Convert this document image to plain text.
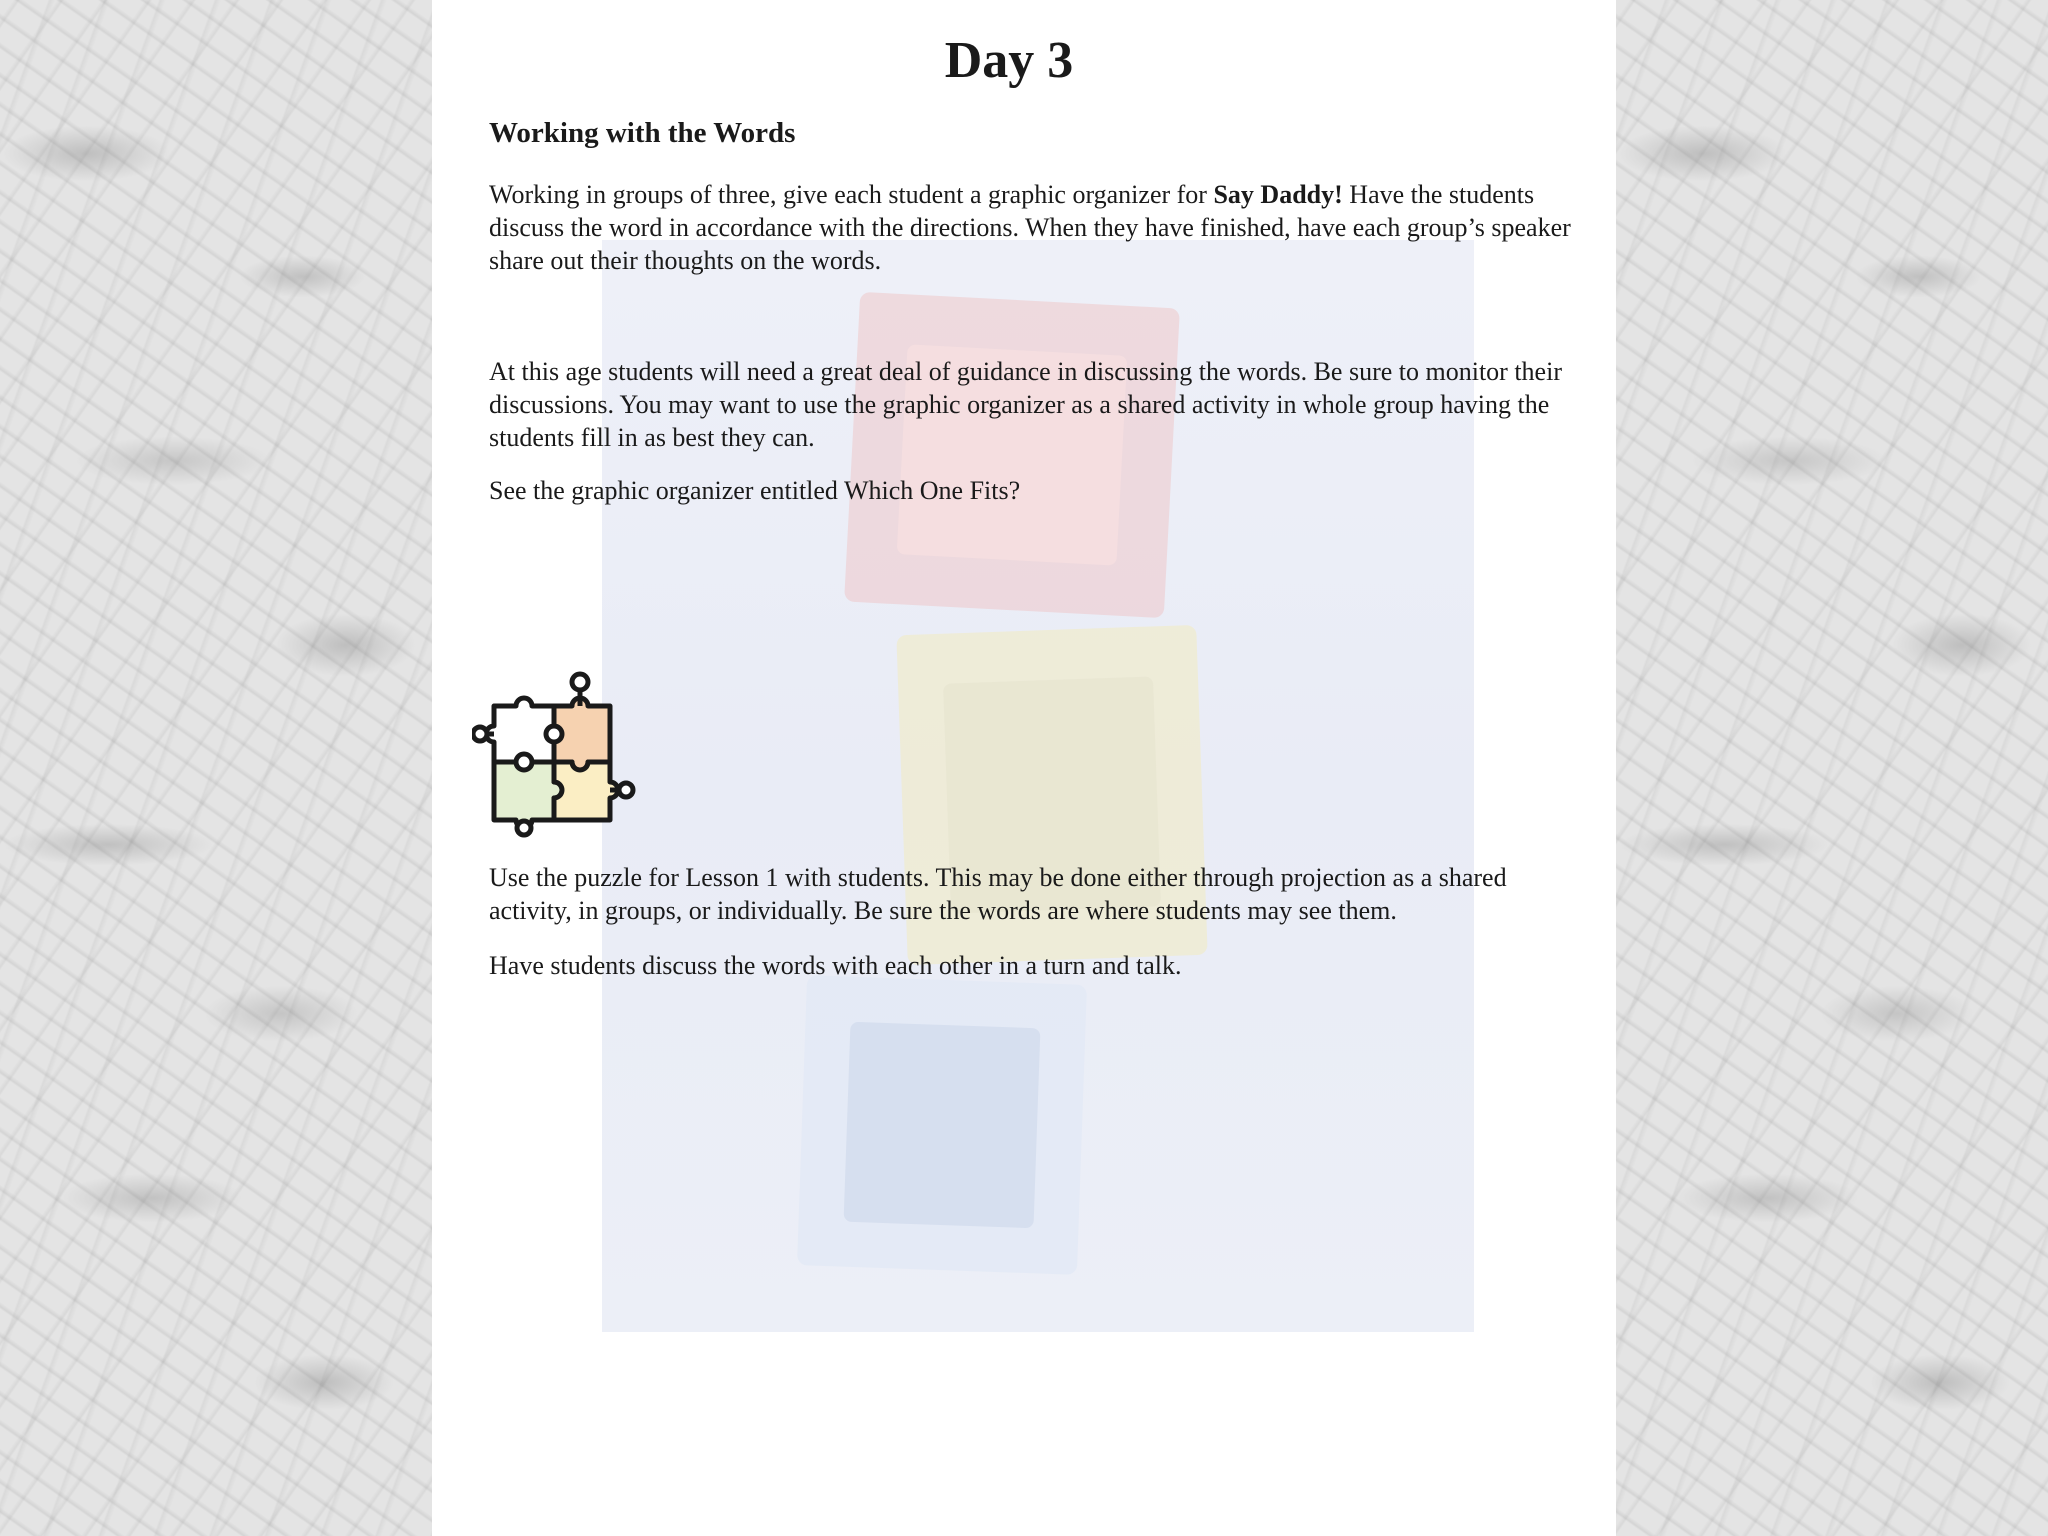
Day 3
Working with the Words

Working in groups of three, give each student a graphic organizer for Say Daddy! Have the students discuss the word in accordance with the directions. When they have finished, have each group’s speaker share out their thoughts on the words.

At this age students will need a great deal of guidance in discussing the words. Be sure to monitor their discussions. You may want to use the graphic organizer as a shared activity in whole group having the students fill in as best they can.

See the graphic organizer entitled Which One Fits?

Use the puzzle for Lesson 1 with students. This may be done either through projection as a shared activity, in groups, or individually. Be sure the words are where students may see them.

Have students discuss the words with each other in a turn and talk.
